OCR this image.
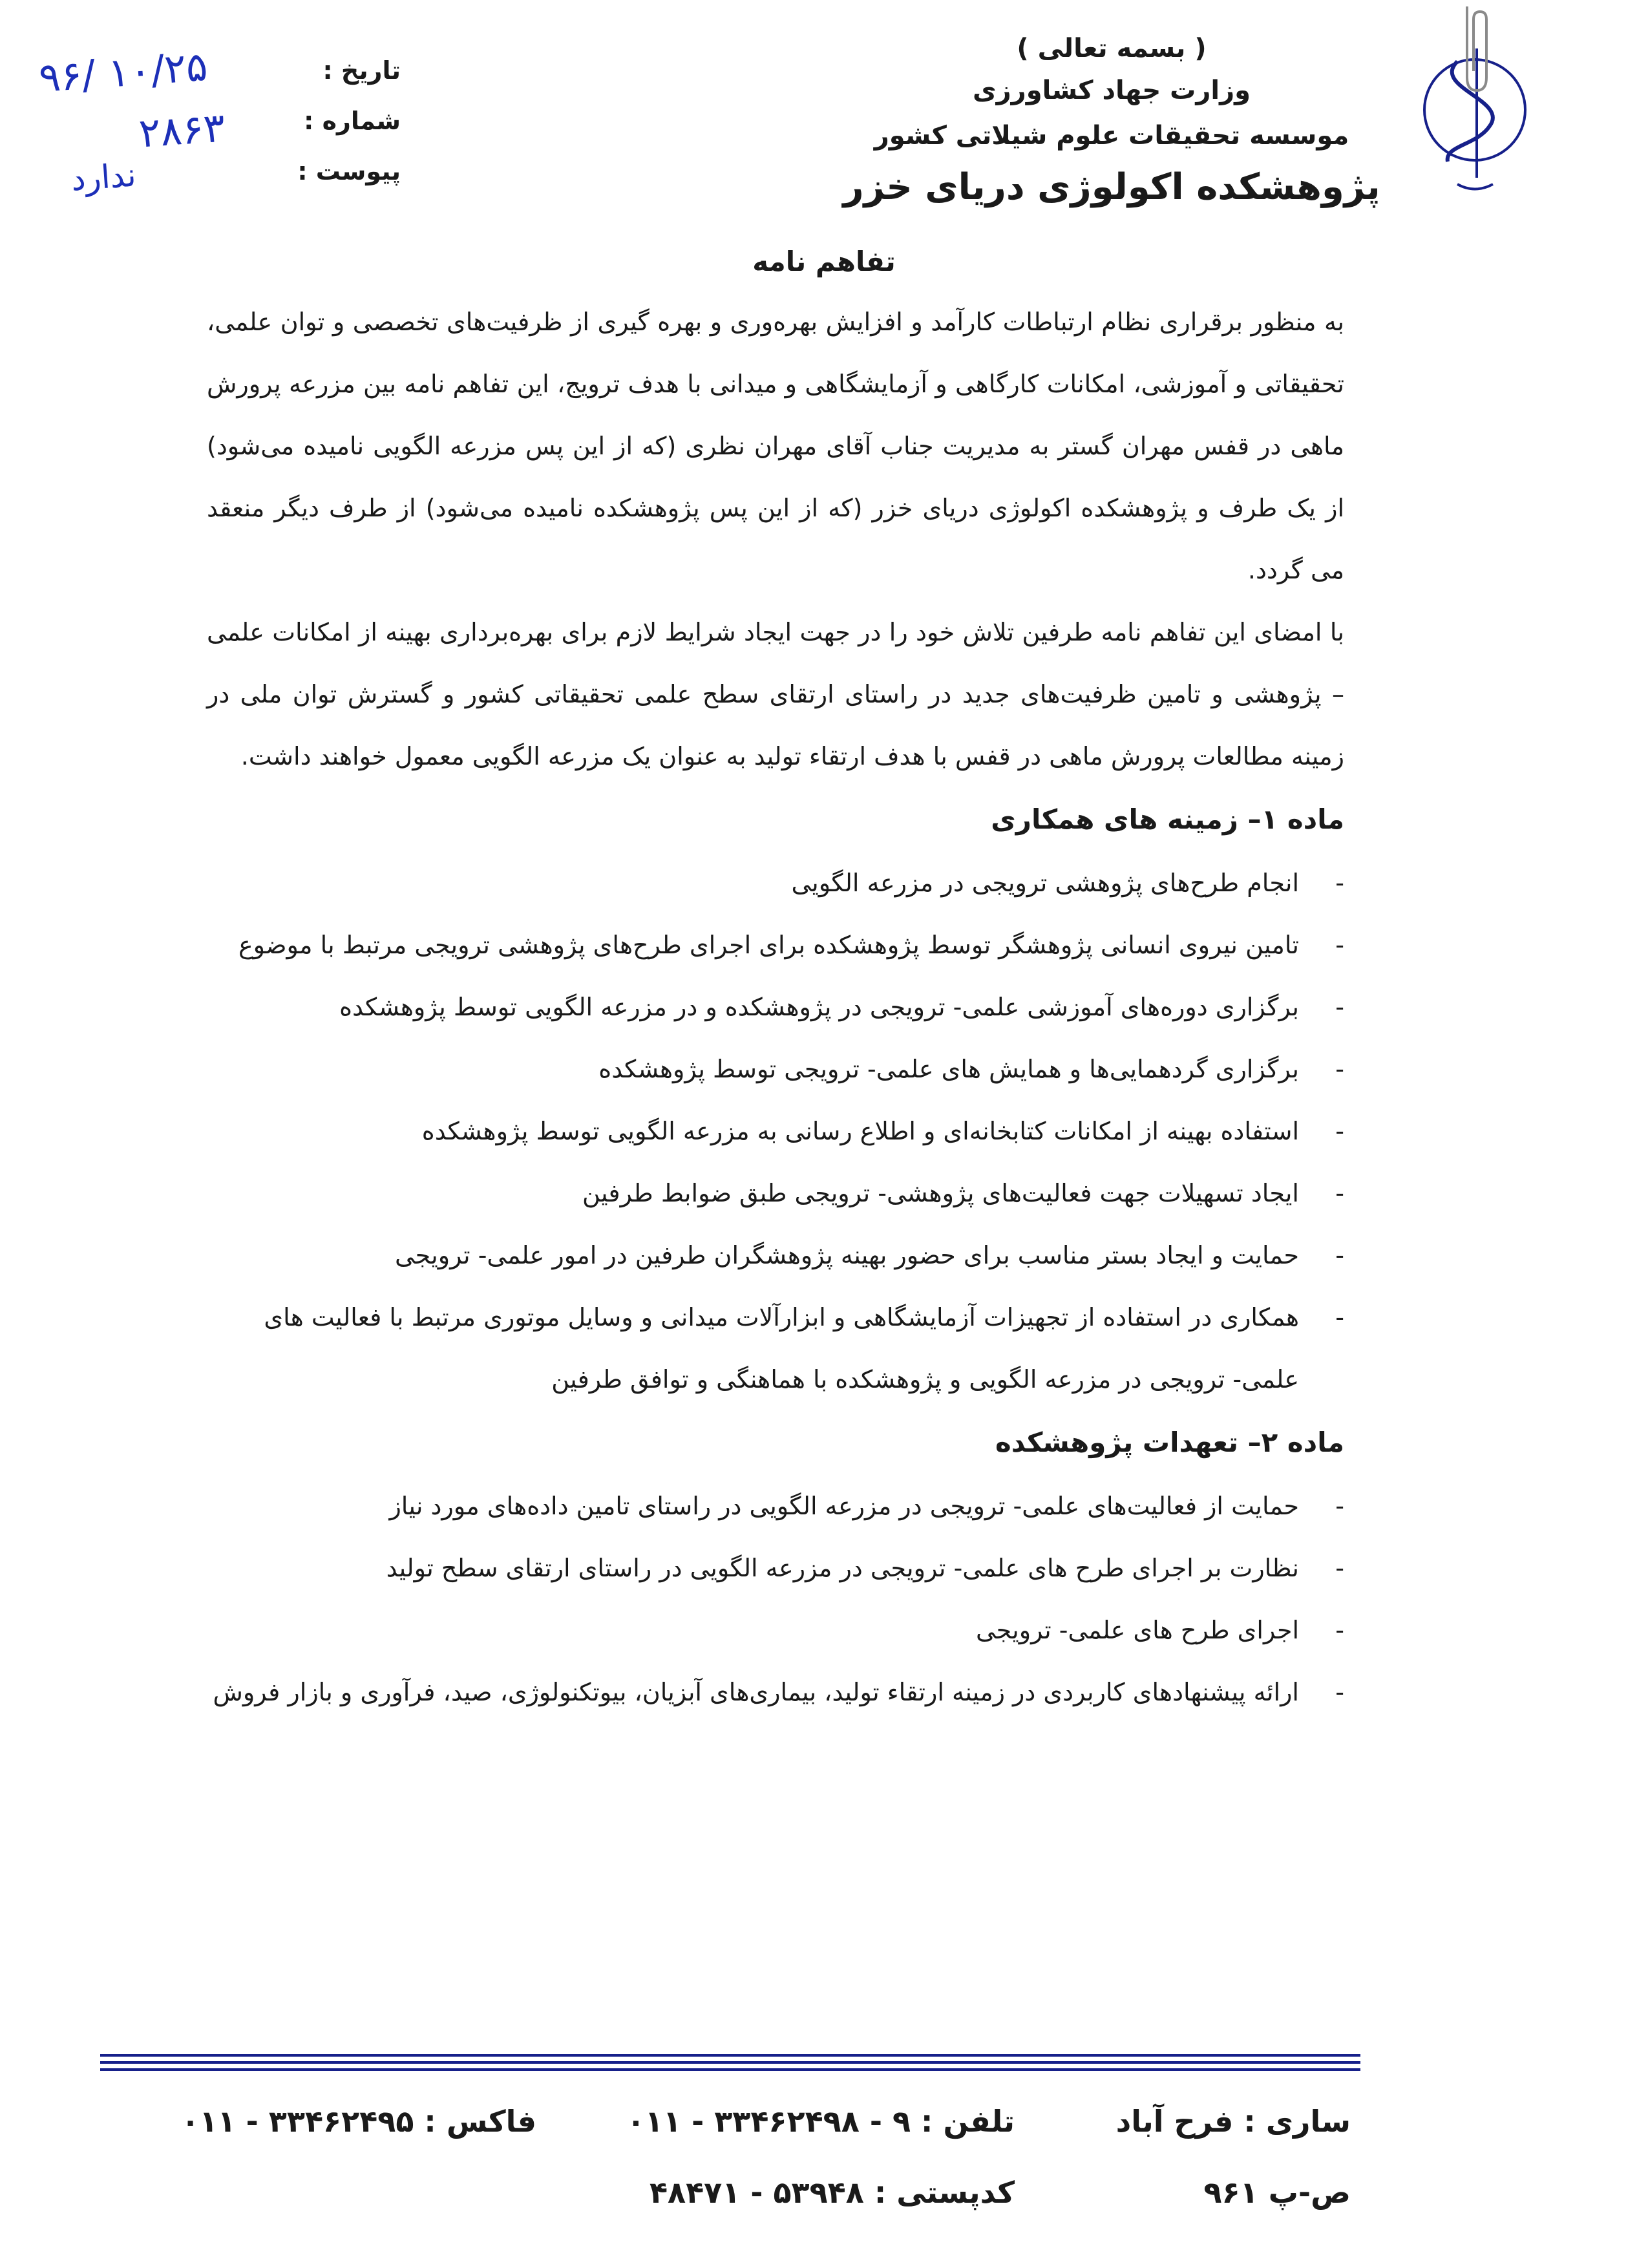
( بسمه تعالی )
وزارت جهاد کشاورزی
موسسه تحقیقات علوم شیلاتی کشور
پژوهشکده اکولوژی دریای خزر
تاریخ :
شماره :
پیوست :
۹۶/ ۱۰/۲۵
۲۸۶۳
ندارد
تفاهم نامه

به منظور برقراری نظام ارتباطات کارآمد و افزایش بهره‌وری و بهره گیری از ظرفیت‌های تخصصی و توان علمی، تحقیقاتی و آموزشی، امکانات کارگاهی و آزمایشگاهی و میدانی با هدف ترویج، این تفاهم نامه بین مزرعه پرورش ماهی در قفس مهران گستر به مدیریت جناب آقای مهران نظری (که از این پس مزرعه الگویی نامیده می‌شود) از یک طرف و پژوهشکده اکولوژی دریای خزر (که از این پس پژوهشکده نامیده می‌شود) از طرف دیگر منعقد می گردد.

با امضای این تفاهم نامه طرفین تلاش خود را در جهت ایجاد شرایط لازم برای بهره‌برداری بهینه از امکانات علمی – پژوهشی و تامین ظرفیت‌های جدید در راستای ارتقای سطح علمی تحقیقاتی کشور و گسترش توان ملی در زمینه مطالعات پرورش ماهی در قفس با هدف ارتقاء تولید به عنوان یک مزرعه الگویی معمول خواهند داشت.

ماده ۱– زمینه های همکاری

- انجام طرح‌های پژوهشی ترویجی در مزرعه الگویی
- تامین نیروی انسانی پژوهشگر توسط پژوهشکده برای اجرای طرح‌های پژوهشی ترویجی مرتبط با موضوع
- برگزاری دوره‌های آموزشی علمی- ترویجی در پژوهشکده و در مزرعه الگویی توسط پژوهشکده
- برگزاری گردهمایی‌ها و همایش های علمی- ترویجی توسط پژوهشکده
- استفاده بهینه از امکانات کتابخانه‌ای و اطلاع رسانی به مزرعه الگویی توسط پژوهشکده
- ایجاد تسهیلات جهت فعالیت‌های پژوهشی- ترویجی طبق ضوابط طرفین
- حمایت و ایجاد بستر مناسب برای حضور بهینه پژوهشگران طرفین در امور علمی- ترویجی
- همکاری در استفاده از تجهیزات آزمایشگاهی و ابزارآلات میدانی و وسایل موتوری مرتبط با فعالیت های علمی- ترویجی در مزرعه الگویی و پژوهشکده با هماهنگی و توافق طرفین

ماده ۲– تعهدات پژوهشکده

- حمایت از فعالیت‌های علمی- ترویجی در مزرعه الگویی در راستای تامین داده‌های مورد نیاز
- نظارت بر اجرای طرح های علمی- ترویجی در مزرعه الگویی در راستای ارتقای سطح تولید
- اجرای طرح های علمی- ترویجی
- ارائه پیشنهادهای کاربردی در زمینه ارتقاء تولید، بیماری‌های آبزیان، بیوتکنولوژی، صید، فرآوری و بازار فروش
ساری : فرح آباد
تلفن : ۹ - ۳۳۴۶۲۴۹۸ - ۰۱۱
فاکس : ۳۳۴۶۲۴۹۵ - ۰۱۱
ص-پ ۹۶۱
کدپستی : ۵۳۹۴۸ - ۴۸۴۷۱
